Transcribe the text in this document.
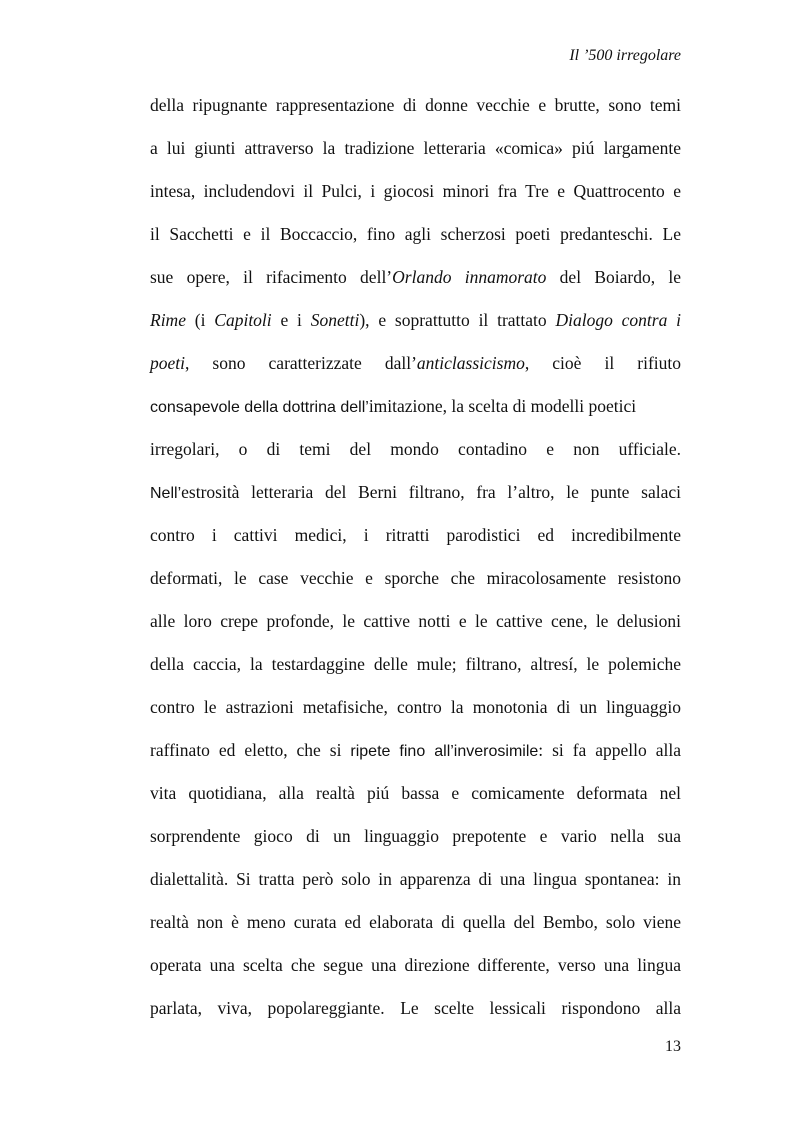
Il ’500 irregolare
della ripugnante rappresentazione di donne vecchie e brutte, sono temi
a lui giunti attraverso la tradizione letteraria «comica» piú largamente
intesa, includendovi il Pulci, i giocosi minori fra Tre e Quattrocento e
il Sacchetti e il Boccaccio, fino agli scherzosi poeti predanteschi. Le
sue opere, il rifacimento dell’Orlando innamorato del Boiardo, le
Rime (i Capitoli e i Sonetti), e soprattutto il trattato Dialogo contra i
poeti, sono caratterizzate dall’anticlassicismo, cioè il rifiuto
consapevole della dottrina dell’imitazione, la scelta di modelli poetici
irregolari, o di temi del mondo contadino e non ufficiale.
Nell’estrosità letteraria del Berni filtrano, fra l’altro, le punte salaci
contro i cattivi medici, i ritratti parodistici ed incredibilmente
deformati, le case vecchie e sporche che miracolosamente resistono
alle loro crepe profonde, le cattive notti e le cattive cene, le delusioni
della caccia, la testardaggine delle mule; filtrano, altresí, le polemiche
contro le astrazioni metafisiche, contro la monotonia di un linguaggio
raffinato ed eletto, che si ripete fino all’inverosimile: si fa appello alla
vita quotidiana, alla realtà piú bassa e comicamente deformata nel
sorprendente gioco di un linguaggio prepotente e vario nella sua
dialettalità. Si tratta però solo in apparenza di una lingua spontanea: in
realtà non è meno curata ed elaborata di quella del Bembo, solo viene
operata una scelta che segue una direzione differente, verso una lingua
parlata, viva, popolareggiante. Le scelte lessicali rispondono alla
13
